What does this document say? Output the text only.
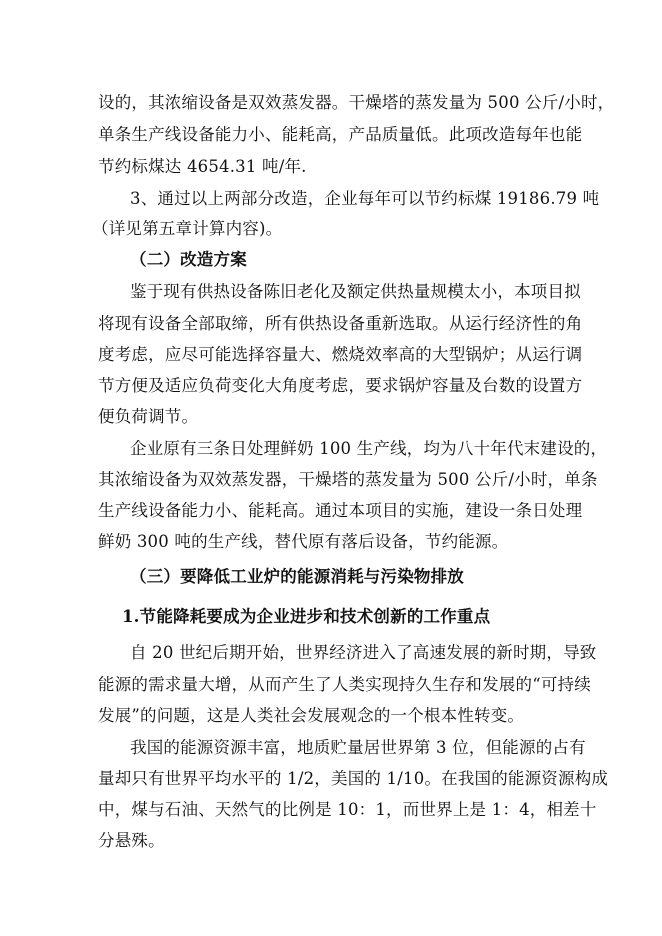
设的，其浓缩设备是双效蒸发器。干燥塔的蒸发量为 500 公斤/小时，
单条生产线设备能力小、能耗高，产品质量低。此项改造每年也能
节约标煤达 4654.31 吨/年.
3、通过以上两部分改造，企业每年可以节约标煤 19186.79 吨
（详见第五章计算内容)。
（二）改造方案
鉴于现有供热设备陈旧老化及额定供热量规模太小，本项目拟
将现有设备全部取缔，所有供热设备重新选取。从运行经济性的角
度考虑，应尽可能选择容量大、燃烧效率高的大型锅炉；从运行调
节方便及适应负荷变化大角度考虑，要求锅炉容量及台数的设置方
便负荷调节。
企业原有三条日处理鲜奶 100 生产线，均为八十年代末建设的，
其浓缩设备为双效蒸发器，干燥塔的蒸发量为 500 公斤/小时，单条
生产线设备能力小、能耗高。通过本项目的实施，建设一条日处理
鲜奶 300 吨的生产线，替代原有落后设备，节约能源。
（三）要降低工业炉的能源消耗与污染物排放
1.节能降耗要成为企业进步和技术创新的工作重点
自 20 世纪后期开始，世界经济进入了高速发展的新时期，导致
能源的需求量大增，从而产生了人类实现持久生存和发展的“可持续
发展”的问题，这是人类社会发展观念的一个根本性转变。
我国的能源资源丰富，地质贮量居世界第 3 位，但能源的占有
量却只有世界平均水平的 1/2，美国的 1/10。在我国的能源资源构成
中，煤与石油、天然气的比例是 10：1，而世界上是 1：4，相差十
分悬殊。
